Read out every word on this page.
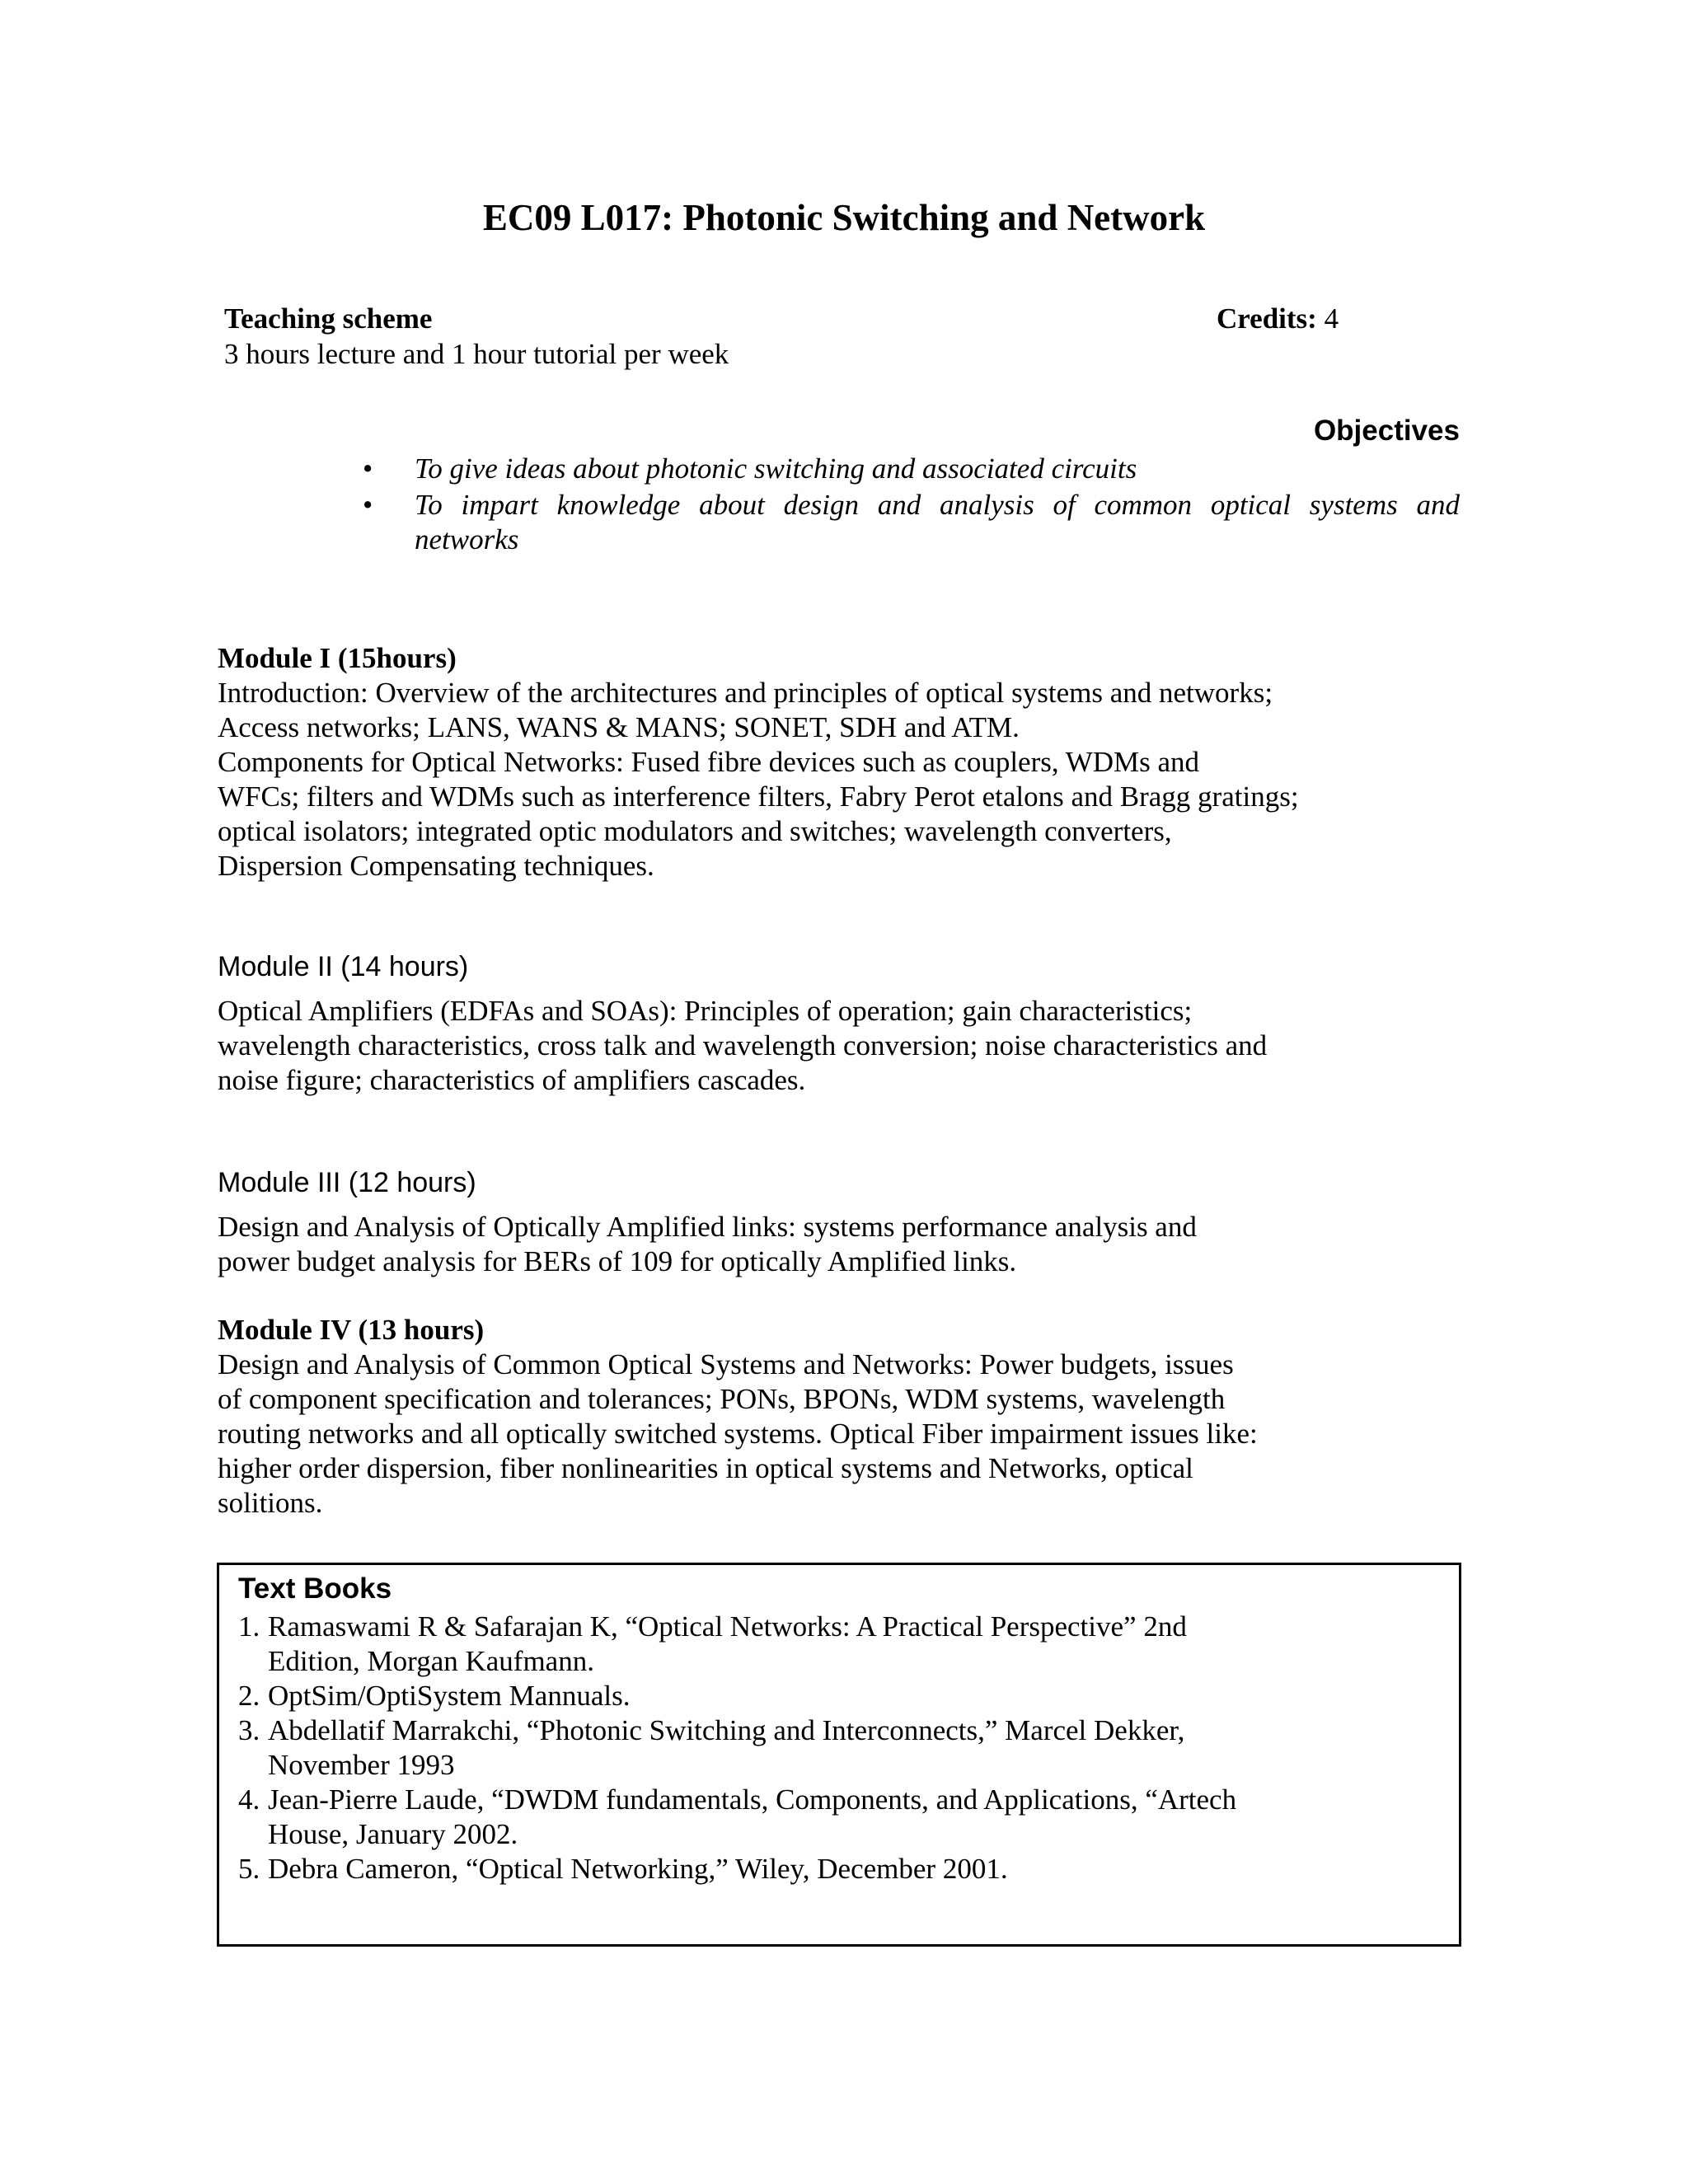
EC09 L017: Photonic Switching and Network
Teaching scheme
3 hours lecture and 1 hour tutorial per week
Credits: 4
Objectives
• To give ideas about photonic switching and associated circuits
• To impart knowledge about design and analysis of common optical systems and
networks
Module I (15hours)
Introduction: Overview of the architectures and principles of optical systems and networks;
Access networks; LANS, WANS & MANS; SONET, SDH and ATM.
Components for Optical Networks: Fused fibre devices such as couplers, WDMs and
WFCs; filters and WDMs such as interference filters, Fabry Perot etalons and Bragg gratings;
optical isolators; integrated optic modulators and switches; wavelength converters,
Dispersion Compensating techniques.
Module II (14 hours)
Optical Amplifiers (EDFAs and SOAs): Principles of operation; gain characteristics;
wavelength characteristics, cross talk and wavelength conversion; noise characteristics and
noise figure; characteristics of amplifiers cascades.
Module III (12 hours)
Design and Analysis of Optically Amplified links: systems performance analysis and
power budget analysis for BERs of 109 for optically Amplified links.
Module IV (13 hours)
Design and Analysis of Common Optical Systems and Networks: Power budgets, issues
of component specification and tolerances; PONs, BPONs, WDM systems, wavelength
routing networks and all optically switched systems. Optical Fiber impairment issues like:
higher order dispersion, fiber nonlinearities in optical systems and Networks, optical
solitions.
Text Books
1. Ramaswami R & Safarajan K, “Optical Networks: A Practical Perspective” 2nd
Edition, Morgan Kaufmann.
2. OptSim/OptiSystem Mannuals.
3. Abdellatif Marrakchi, “Photonic Switching and Interconnects,” Marcel Dekker,
November 1993
4. Jean-Pierre Laude, “DWDM fundamentals, Components, and Applications, “Artech
House, January 2002.
5. Debra Cameron, “Optical Networking,” Wiley, December 2001.
